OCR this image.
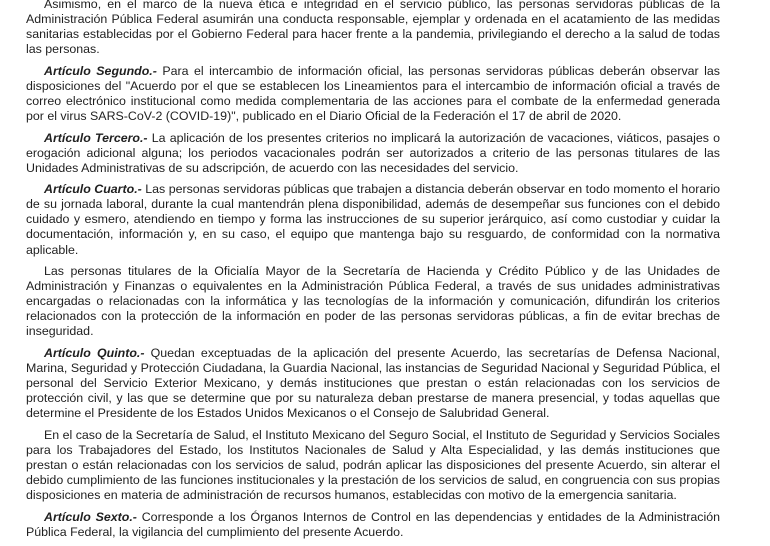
Asimismo, en el marco de la nueva ética e integridad en el servicio público, las personas servidoras públicas de la Administración Pública Federal asumirán una conducta responsable, ejemplar y ordenada en el acatamiento de las medidas sanitarias establecidas por el Gobierno Federal para hacer frente a la pandemia, privilegiando el derecho a la salud de todas las personas.

Artículo Segundo.- Para el intercambio de información oficial, las personas servidoras públicas deberán observar las disposiciones del "Acuerdo por el que se establecen los Lineamientos para el intercambio de información oficial a través de correo electrónico institucional como medida complementaria de las acciones para el combate de la enfermedad generada por el virus SARS-CoV-2 (COVID-19)", publicado en el Diario Oficial de la Federación el 17 de abril de 2020.

Artículo Tercero.- La aplicación de los presentes criterios no implicará la autorización de vacaciones, viáticos, pasajes o erogación adicional alguna; los periodos vacacionales podrán ser autorizados a criterio de las personas titulares de las Unidades Administrativas de su adscripción, de acuerdo con las necesidades del servicio.

Artículo Cuarto.- Las personas servidoras públicas que trabajen a distancia deberán observar en todo momento el horario de su jornada laboral, durante la cual mantendrán plena disponibilidad, además de desempeñar sus funciones con el debido cuidado y esmero, atendiendo en tiempo y forma las instrucciones de su superior jerárquico, así como custodiar y cuidar la documentación, información y, en su caso, el equipo que mantenga bajo su resguardo, de conformidad con la normativa aplicable.

Las personas titulares de la Oficialía Mayor de la Secretaría de Hacienda y Crédito Público y de las Unidades de Administración y Finanzas o equivalentes en la Administración Pública Federal, a través de sus unidades administrativas encargadas o relacionadas con la informática y las tecnologías de la información y comunicación, difundirán los criterios relacionados con la protección de la información en poder de las personas servidoras públicas, a fin de evitar brechas de inseguridad.

Artículo Quinto.- Quedan exceptuadas de la aplicación del presente Acuerdo, las secretarías de Defensa Nacional, Marina, Seguridad y Protección Ciudadana, la Guardia Nacional, las instancias de Seguridad Nacional y Seguridad Pública, el personal del Servicio Exterior Mexicano, y demás instituciones que prestan o están relacionadas con los servicios de protección civil, y las que se determine que por su naturaleza deban prestarse de manera presencial, y todas aquellas que determine el Presidente de los Estados Unidos Mexicanos o el Consejo de Salubridad General.

En el caso de la Secretaría de Salud, el Instituto Mexicano del Seguro Social, el Instituto de Seguridad y Servicios Sociales para los Trabajadores del Estado, los Institutos Nacionales de Salud y Alta Especialidad, y las demás instituciones que prestan o están relacionadas con los servicios de salud, podrán aplicar las disposiciones del presente Acuerdo, sin alterar el debido cumplimiento de las funciones institucionales y la prestación de los servicios de salud, en congruencia con sus propias disposiciones en materia de administración de recursos humanos, establecidas con motivo de la emergencia sanitaria.

Artículo Sexto.- Corresponde a los Órganos Internos de Control en las dependencias y entidades de la Administración Pública Federal, la vigilancia del cumplimiento del presente Acuerdo.
